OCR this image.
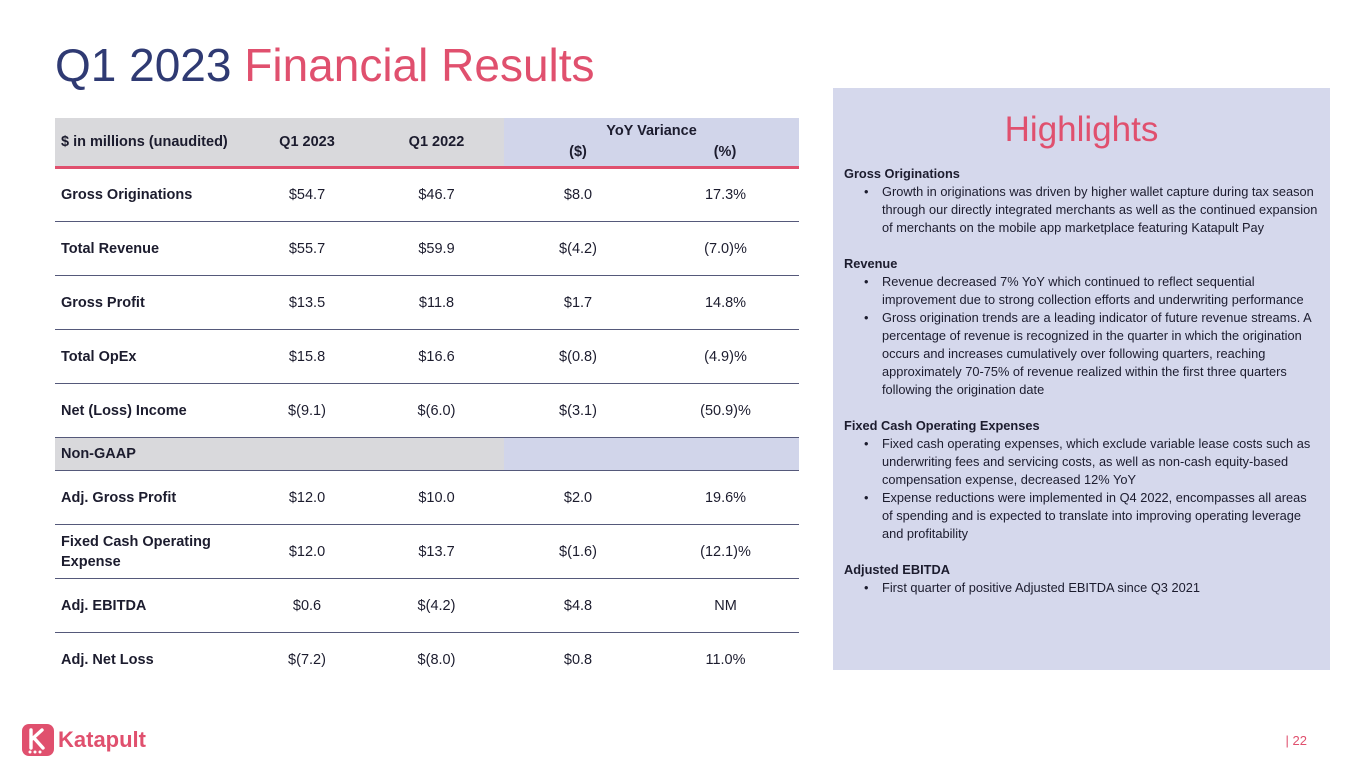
Q1 2023 Financial Results
$ in millions (unaudited)	Q1 2023	Q1 2022	YoY Variance
($) (%)	

Gross Originations	$54.7	$46.7	$8.0	17.3%
Total Revenue	$55.7	$59.9	$(4.2)	(7.0)%
Gross Profit	$13.5	$11.8	$1.7	14.8%
Total OpEx	$15.8	$16.6	$(0.8)	(4.9)%
Net (Loss) Income	$(9.1)	$(6.0)	$(3.1)	(50.9)%
Non-GAAP				
Adj. Gross Profit	$12.0	$10.0	$2.0	19.6%
Fixed Cash Operating Expense	$12.0	$13.7	$(1.6)	(12.1)%
Adj. EBITDA	$0.6	$(4.2)	$4.8	NM
Adj. Net Loss	$(7.2)	$(8.0)	$0.8	11.0%
Highlights
Gross Originations
• Growth in originations was driven by higher wallet capture during tax season through our directly integrated merchants as well as the continued expansion of merchants on the mobile app marketplace featuring Katapult Pay
Revenue
• Revenue decreased 7% YoY which continued to reflect sequential improvement due to strong collection efforts and underwriting performance
• Gross origination trends are a leading indicator of future revenue streams. A percentage of revenue is recognized in the quarter in which the origination occurs and increases cumulatively over following quarters, reaching approximately 70-75% of revenue realized within the first three quarters following the origination date
Fixed Cash Operating Expenses
• Fixed cash operating expenses, which exclude variable lease costs such as underwriting fees and servicing costs, as well as non-cash equity-based compensation expense, decreased 12% YoY
• Expense reductions were implemented in Q4 2022, encompasses all areas of spending and is expected to translate into improving operating leverage and profitability
Adjusted EBITDA
• First quarter of positive Adjusted EBITDA since Q3 2021
Katapult	| 22
